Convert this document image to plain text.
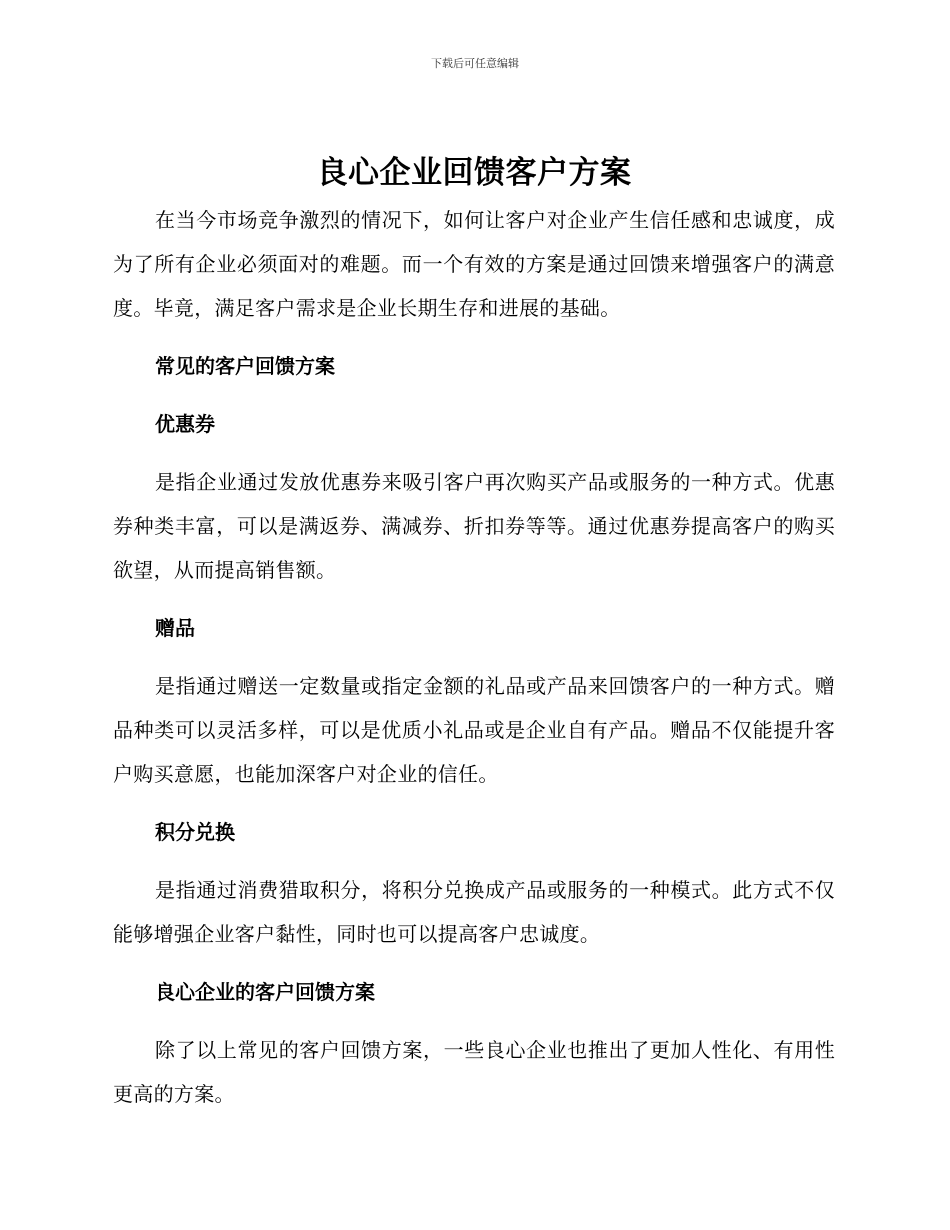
下载后可任意编辑
良心企业回馈客户方案

在当今市场竞争激烈的情况下，如何让客户对企业产生信任感和忠诚度，成为了所有企业必须面对的难题。而一个有效的方案是通过回馈来增强客户的满意度。毕竟，满足客户需求是企业长期生存和进展的基础。

常见的客户回馈方案
优惠券

是指企业通过发放优惠券来吸引客户再次购买产品或服务的一种方式。优惠券种类丰富，可以是满返券、满减券、折扣券等等。通过优惠券提高客户的购买欲望，从而提高销售额。

赠品

是指通过赠送一定数量或指定金额的礼品或产品来回馈客户的一种方式。赠品种类可以灵活多样，可以是优质小礼品或是企业自有产品。赠品不仅能提升客户购买意愿，也能加深客户对企业的信任。

积分兑换

是指通过消费猎取积分，将积分兑换成产品或服务的一种模式。此方式不仅能够增强企业客户黏性，同时也可以提高客户忠诚度。

良心企业的客户回馈方案

除了以上常见的客户回馈方案，一些良心企业也推出了更加人性化、有用性更高的方案。
